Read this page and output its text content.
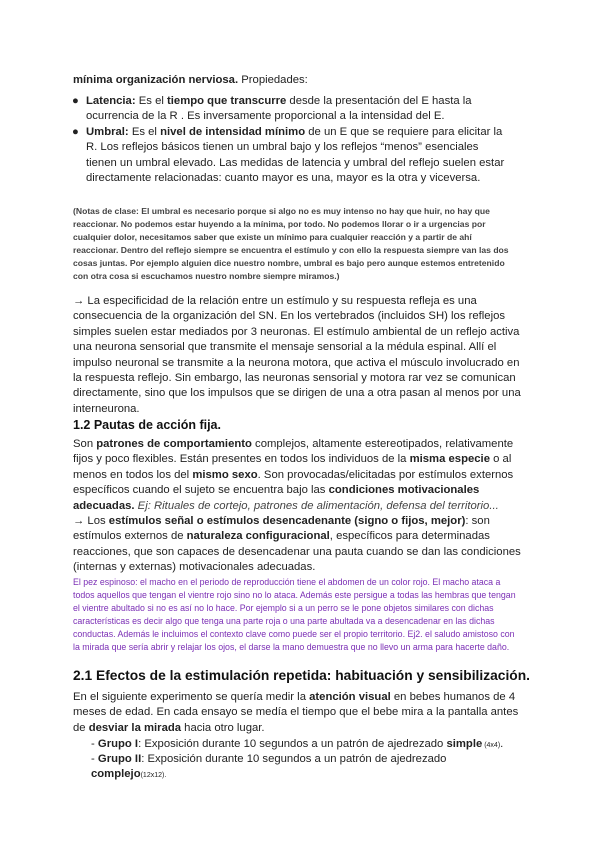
mínima organización nerviosa. Propiedades:
● Latencia: Es el tiempo que transcurre desde la presentación del E hasta la ocurrencia de la R . Es inversamente proporcional a la intensidad del E.
● Umbral: Es el nivel de intensidad mínimo de un E que se requiere para elicitar la R. Los reflejos básicos tienen un umbral bajo y los reflejos “menos” esenciales tienen un umbral elevado. Las medidas de latencia y umbral del reflejo suelen estar directamente relacionadas: cuanto mayor es una, mayor es la otra y viceversa.
(Notas de clase: El umbral es necesario porque si algo no es muy intenso no hay que huir, no hay que reaccionar. No podemos estar huyendo a la mínima, por todo. No podemos llorar o ir a urgencias por cualquier dolor, necesitamos saber que existe un mínimo para cualquier reacción y a partir de ahí reaccionar. Dentro del reflejo siempre se encuentra el estímulo y con ello la respuesta siempre van las dos cosas juntas. Por ejemplo alguien dice nuestro nombre, umbral es bajo pero aunque estemos entretenido con otra cosa si escuchamos nuestro nombre siempre miramos.)
→ La especificidad de la relación entre un estímulo y su respuesta refleja es una consecuencia de la organización del SN. En los vertebrados (incluidos SH) los reflejos simples suelen estar mediados por 3 neuronas. El estímulo ambiental de un reflejo activa una neurona sensorial que transmite el mensaje sensorial a la médula espinal. Allí el impulso neuronal se transmite a la neurona motora, que activa el músculo involucrado en la respuesta reflejo. Sin embargo, las neuronas sensorial y motora rar vez se comunican directamente, sino que los impulsos que se dirigen de una a otra pasan al menos por una interneurona.
1.2 Pautas de acción fija.
Son patrones de comportamiento complejos, altamente estereotipados, relativamente fijos y poco flexibles. Están presentes en todos los individuos de la misma especie o al menos en todos los del mismo sexo. Son provocadas/elicitadas por estímulos externos específicos cuando el sujeto se encuentra bajo las condiciones motivacionales adecuadas. Ej: Rituales de cortejo, patrones de alimentación, defensa del territorio...
→ Los estímulos señal o estímulos desencadenante (signo o fijos, mejor): son estímulos externos de naturaleza configuracional, específicos para determinadas reacciones, que son capaces de desencadenar una pauta cuando se dan las condiciones (internas y externas) motivacionales adecuadas.
El pez espinoso: el macho en el periodo de reproducción tiene el abdomen de un color rojo. El macho ataca a todos aquellos que tengan el vientre rojo sino no lo ataca. Además este persigue a todas las hembras que tengan el vientre abultado si no es así no lo hace. Por ejemplo si a un perro se le pone objetos similares con dichas características es decir algo que tenga una parte roja o una parte abultada va a desencadenar en las dichas conductas. Además le incluimos el contexto clave como puede ser el propio territorio. Ej2. el saludo amistoso con la mirada que sería abrir y relajar los ojos, el darse la mano demuestra que no llevo un arma para hacerte daño.
2.1 Efectos de la estimulación repetida: habituación y sensibilización.
En el siguiente experimento se quería medir la atención visual en bebes humanos de 4 meses de edad. En cada ensayo se medía el tiempo que el bebe mira a la pantalla antes de desviar la mirada hacia otro lugar.
- Grupo I: Exposición durante 10 segundos a un patrón de ajedrezado simple (4x4).
- Grupo II: Exposición durante 10 segundos a un patrón de ajedrezado complejo(12x12).
